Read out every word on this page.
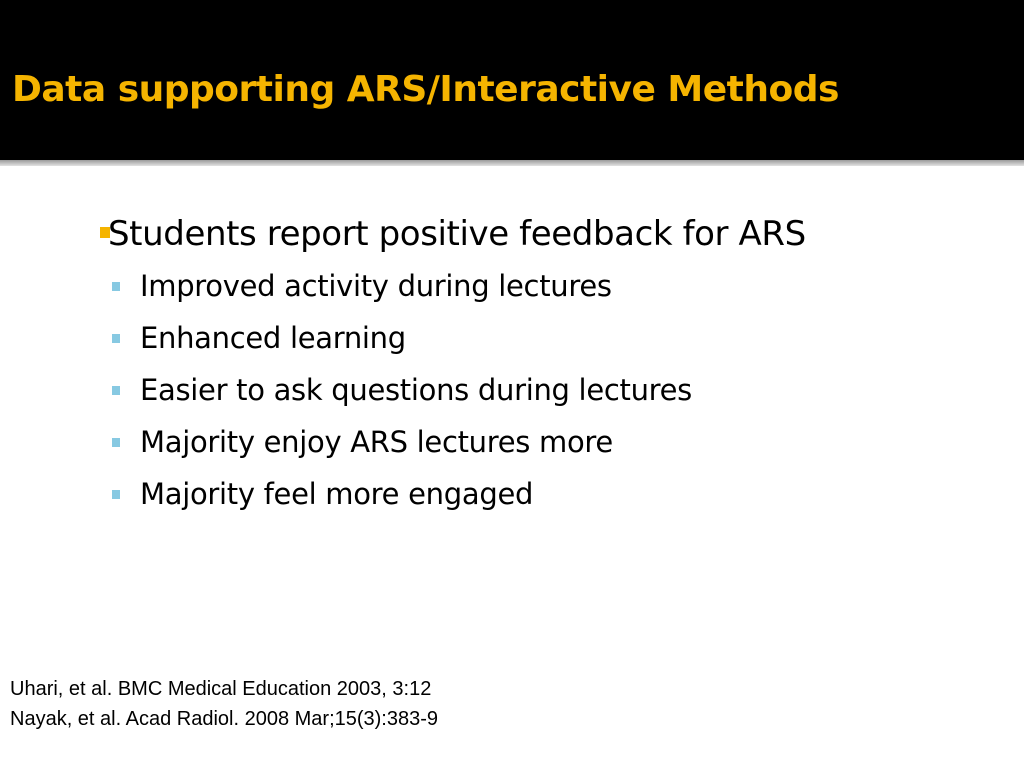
Data supporting ARS/Interactive Methods
Students report positive feedback for ARS
Improved activity during lectures
Enhanced learning
Easier to ask questions during lectures
Majority enjoy ARS lectures more
Majority feel more engaged
Uhari, et al. BMC Medical Education 2003, 3:12
Nayak, et al. Acad Radiol. 2008 Mar;15(3):383-9
